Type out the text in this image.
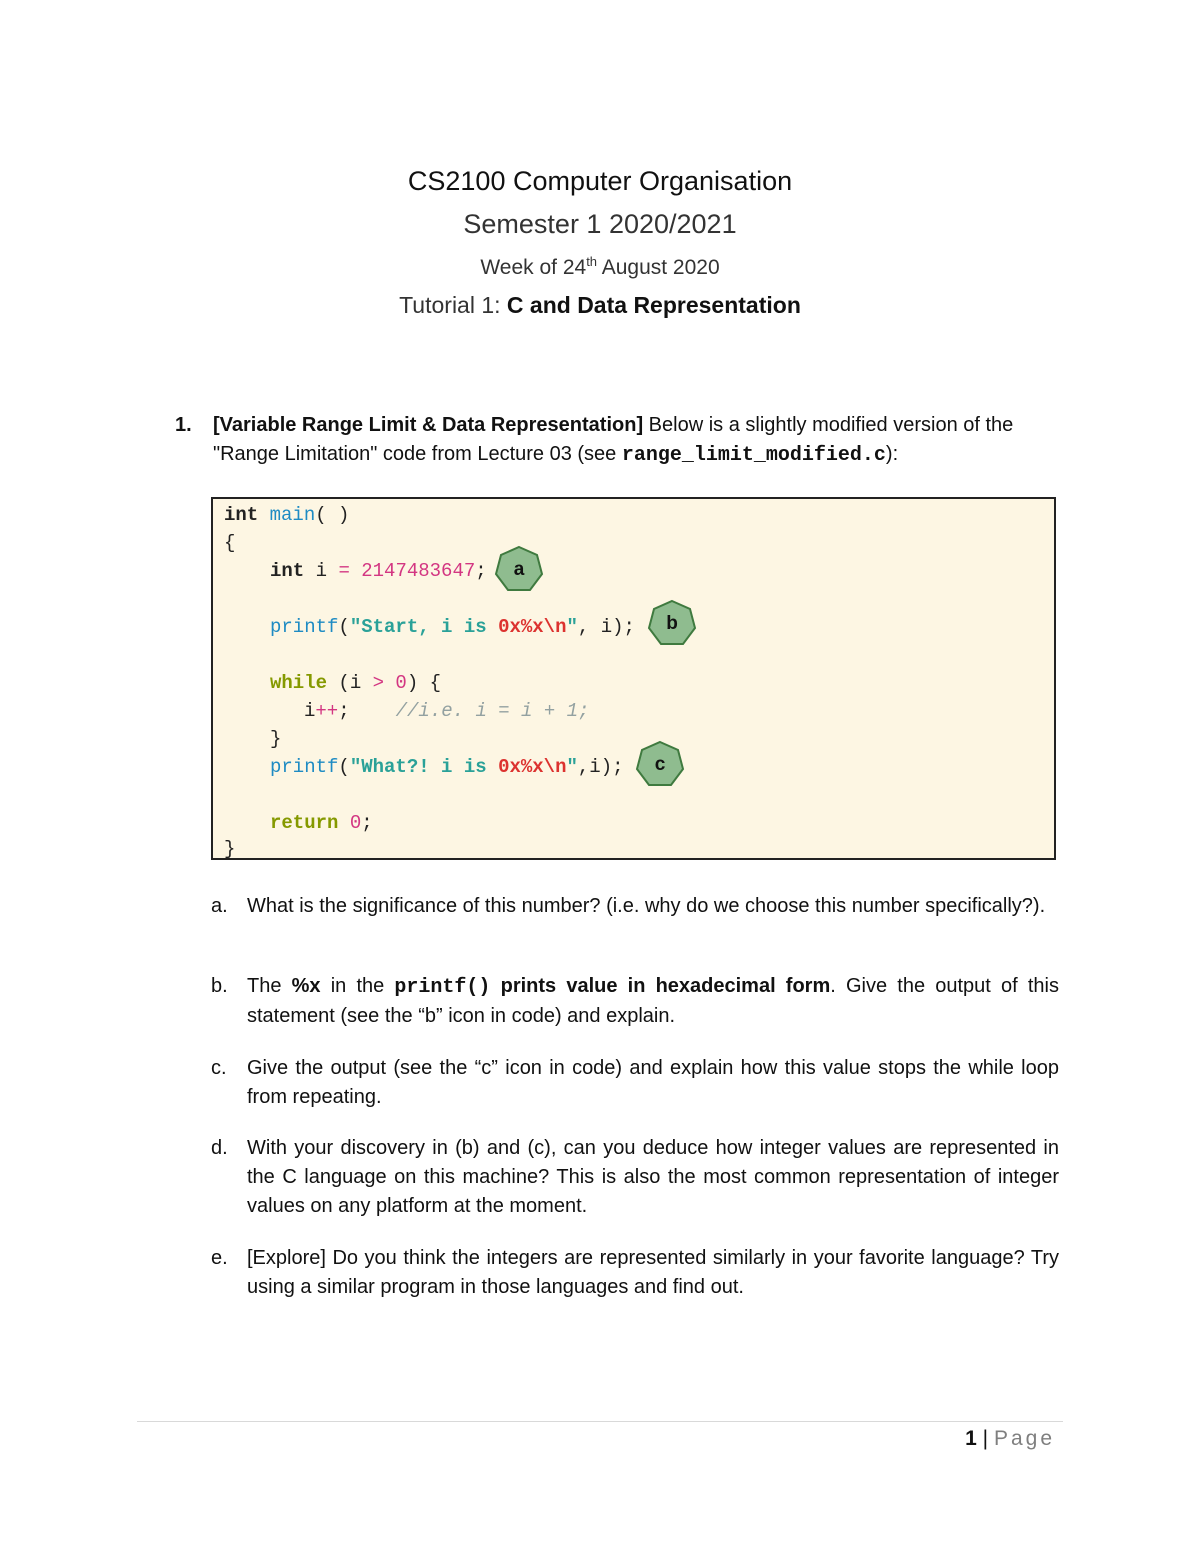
CS2100 Computer Organisation
Semester 1 2020/2021
Week of 24th August 2020
Tutorial 1: C and Data Representation
1. [Variable Range Limit & Data Representation] Below is a slightly modified version of the "Range Limitation" code from Lecture 03 (see range_limit_modified.c):

int main( )

{

int i = 2147483647;

printf("Start, i is 0x%x\n", i);

while (i > 0) {

i++; //i.e. i = i + 1;

}

printf("What?! i is 0x%x\n",i);

return 0;

}

a
b
c
a. What is the significance of this number? (i.e. why do we choose this number specifically?).
b. The %x in the printf() prints value in hexadecimal form. Give the output of this statement (see the “b” icon in code) and explain.
c. Give the output (see the “c” icon in code) and explain how this value stops the while loop from repeating.
d. With your discovery in (b) and (c), can you deduce how integer values are represented in the C language on this machine? This is also the most common representation of integer values on any platform at the moment.
e. [Explore] Do you think the integers are represented similarly in your favorite language? Try using a similar program in those languages and find out.
1 | Page
